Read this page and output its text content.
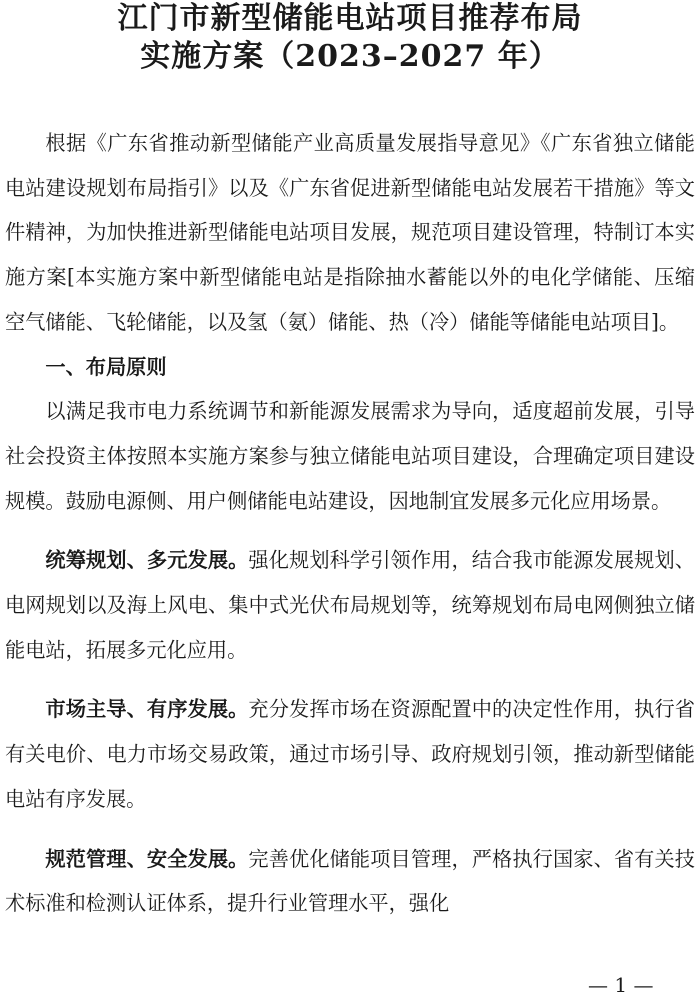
江门市新型储能电站项目推荐布局
实施方案（2023–2027 年）

根据《广东省推动新型储能产业高质量发展指导意见》《广东省独立储能电站建设规划布局指引》以及《广东省促进新型储能电站发展若干措施》等文件精神，为加快推进新型储能电站项目发展，规范项目建设管理，特制订本实施方案[本实施方案中新型储能电站是指除抽水蓄能以外的电化学储能、压缩空气储能、飞轮储能，以及氢（氨）储能、热（冷）储能等储能电站项目]。

一、布局原则

以满足我市电力系统调节和新能源发展需求为导向，适度超前发展，引导社会投资主体按照本实施方案参与独立储能电站项目建设，合理确定项目建设规模。鼓励电源侧、用户侧储能电站建设，因地制宜发展多元化应用场景。

统筹规划、多元发展。强化规划科学引领作用，结合我市能源发展规划、电网规划以及海上风电、集中式光伏布局规划等，统筹规划布局电网侧独立储能电站，拓展多元化应用。

市场主导、有序发展。充分发挥市场在资源配置中的决定性作用，执行省有关电价、电力市场交易政策，通过市场引导、政府规划引领，推动新型储能电站有序发展。

规范管理、安全发展。完善优化储能项目管理，严格执行国家、省有关技术标准和检测认证体系，提升行业管理水平，强化

— 1 —
